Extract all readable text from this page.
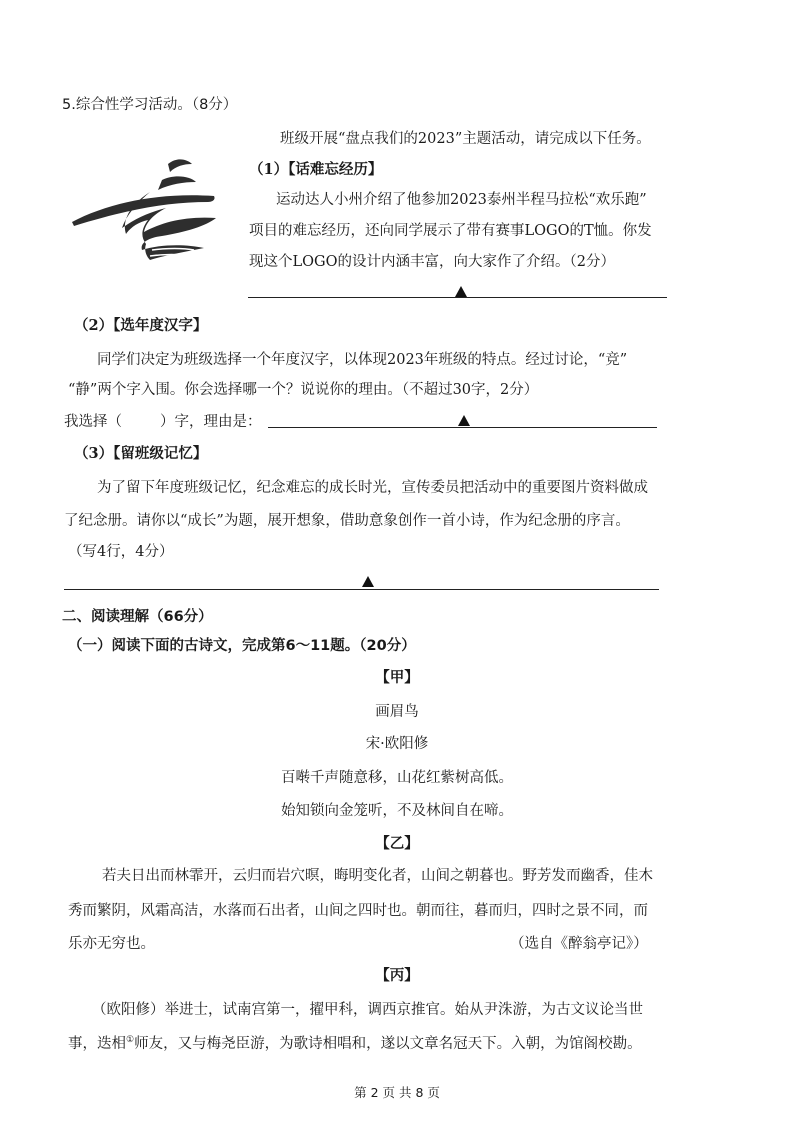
5.综合性学习活动。（8分）
班级开展“盘点我们的2023”主题活动，请完成以下任务。
（1）【话难忘经历】
运动达人小州介绍了他参加2023泰州半程马拉松“欢乐跑”
项目的难忘经历，还向同学展示了带有赛事LOGO的T恤。你发
现这个LOGO的设计内涵丰富，向大家作了介绍。（2分）
（2）【选年度汉字】
同学们决定为班级选择一个年度汉字，以体现2023年班级的特点。经过讨论，“竞”
“静”两个字入围。你会选择哪一个？说说你的理由。（不超过30字，2分）
我选择（	）字，理由是：
（3）【留班级记忆】
为了留下年度班级记忆，纪念难忘的成长时光，宣传委员把活动中的重要图片资料做成
了纪念册。请你以“成长”为题，展开想象，借助意象创作一首小诗，作为纪念册的序言。
（写4行，4分）
二、阅读理解（66分）
（一）阅读下面的古诗文，完成第6～11题。（20分）
【甲】
画眉鸟
宋·欧阳修
百啭千声随意移，山花红紫树高低。
始知锁向金笼听，不及林间自在啼。
【乙】
若夫日出而林霏开，云归而岩穴暝，晦明变化者，山间之朝暮也。野芳发而幽香，佳木
秀而繁阴，风霜高洁，水落而石出者，山间之四时也。朝而往，暮而归，四时之景不同，而
乐亦无穷也。	（选自《醉翁亭记》）
【丙】
（欧阳修）举进士，试南宫第一，擢甲科，调西京推官。始从尹洙游，为古文议论当世
事，迭相①师友，又与梅尧臣游，为歌诗相唱和，遂以文章名冠天下。入朝，为馆阁校勘。
第 2 页 共 8 页
